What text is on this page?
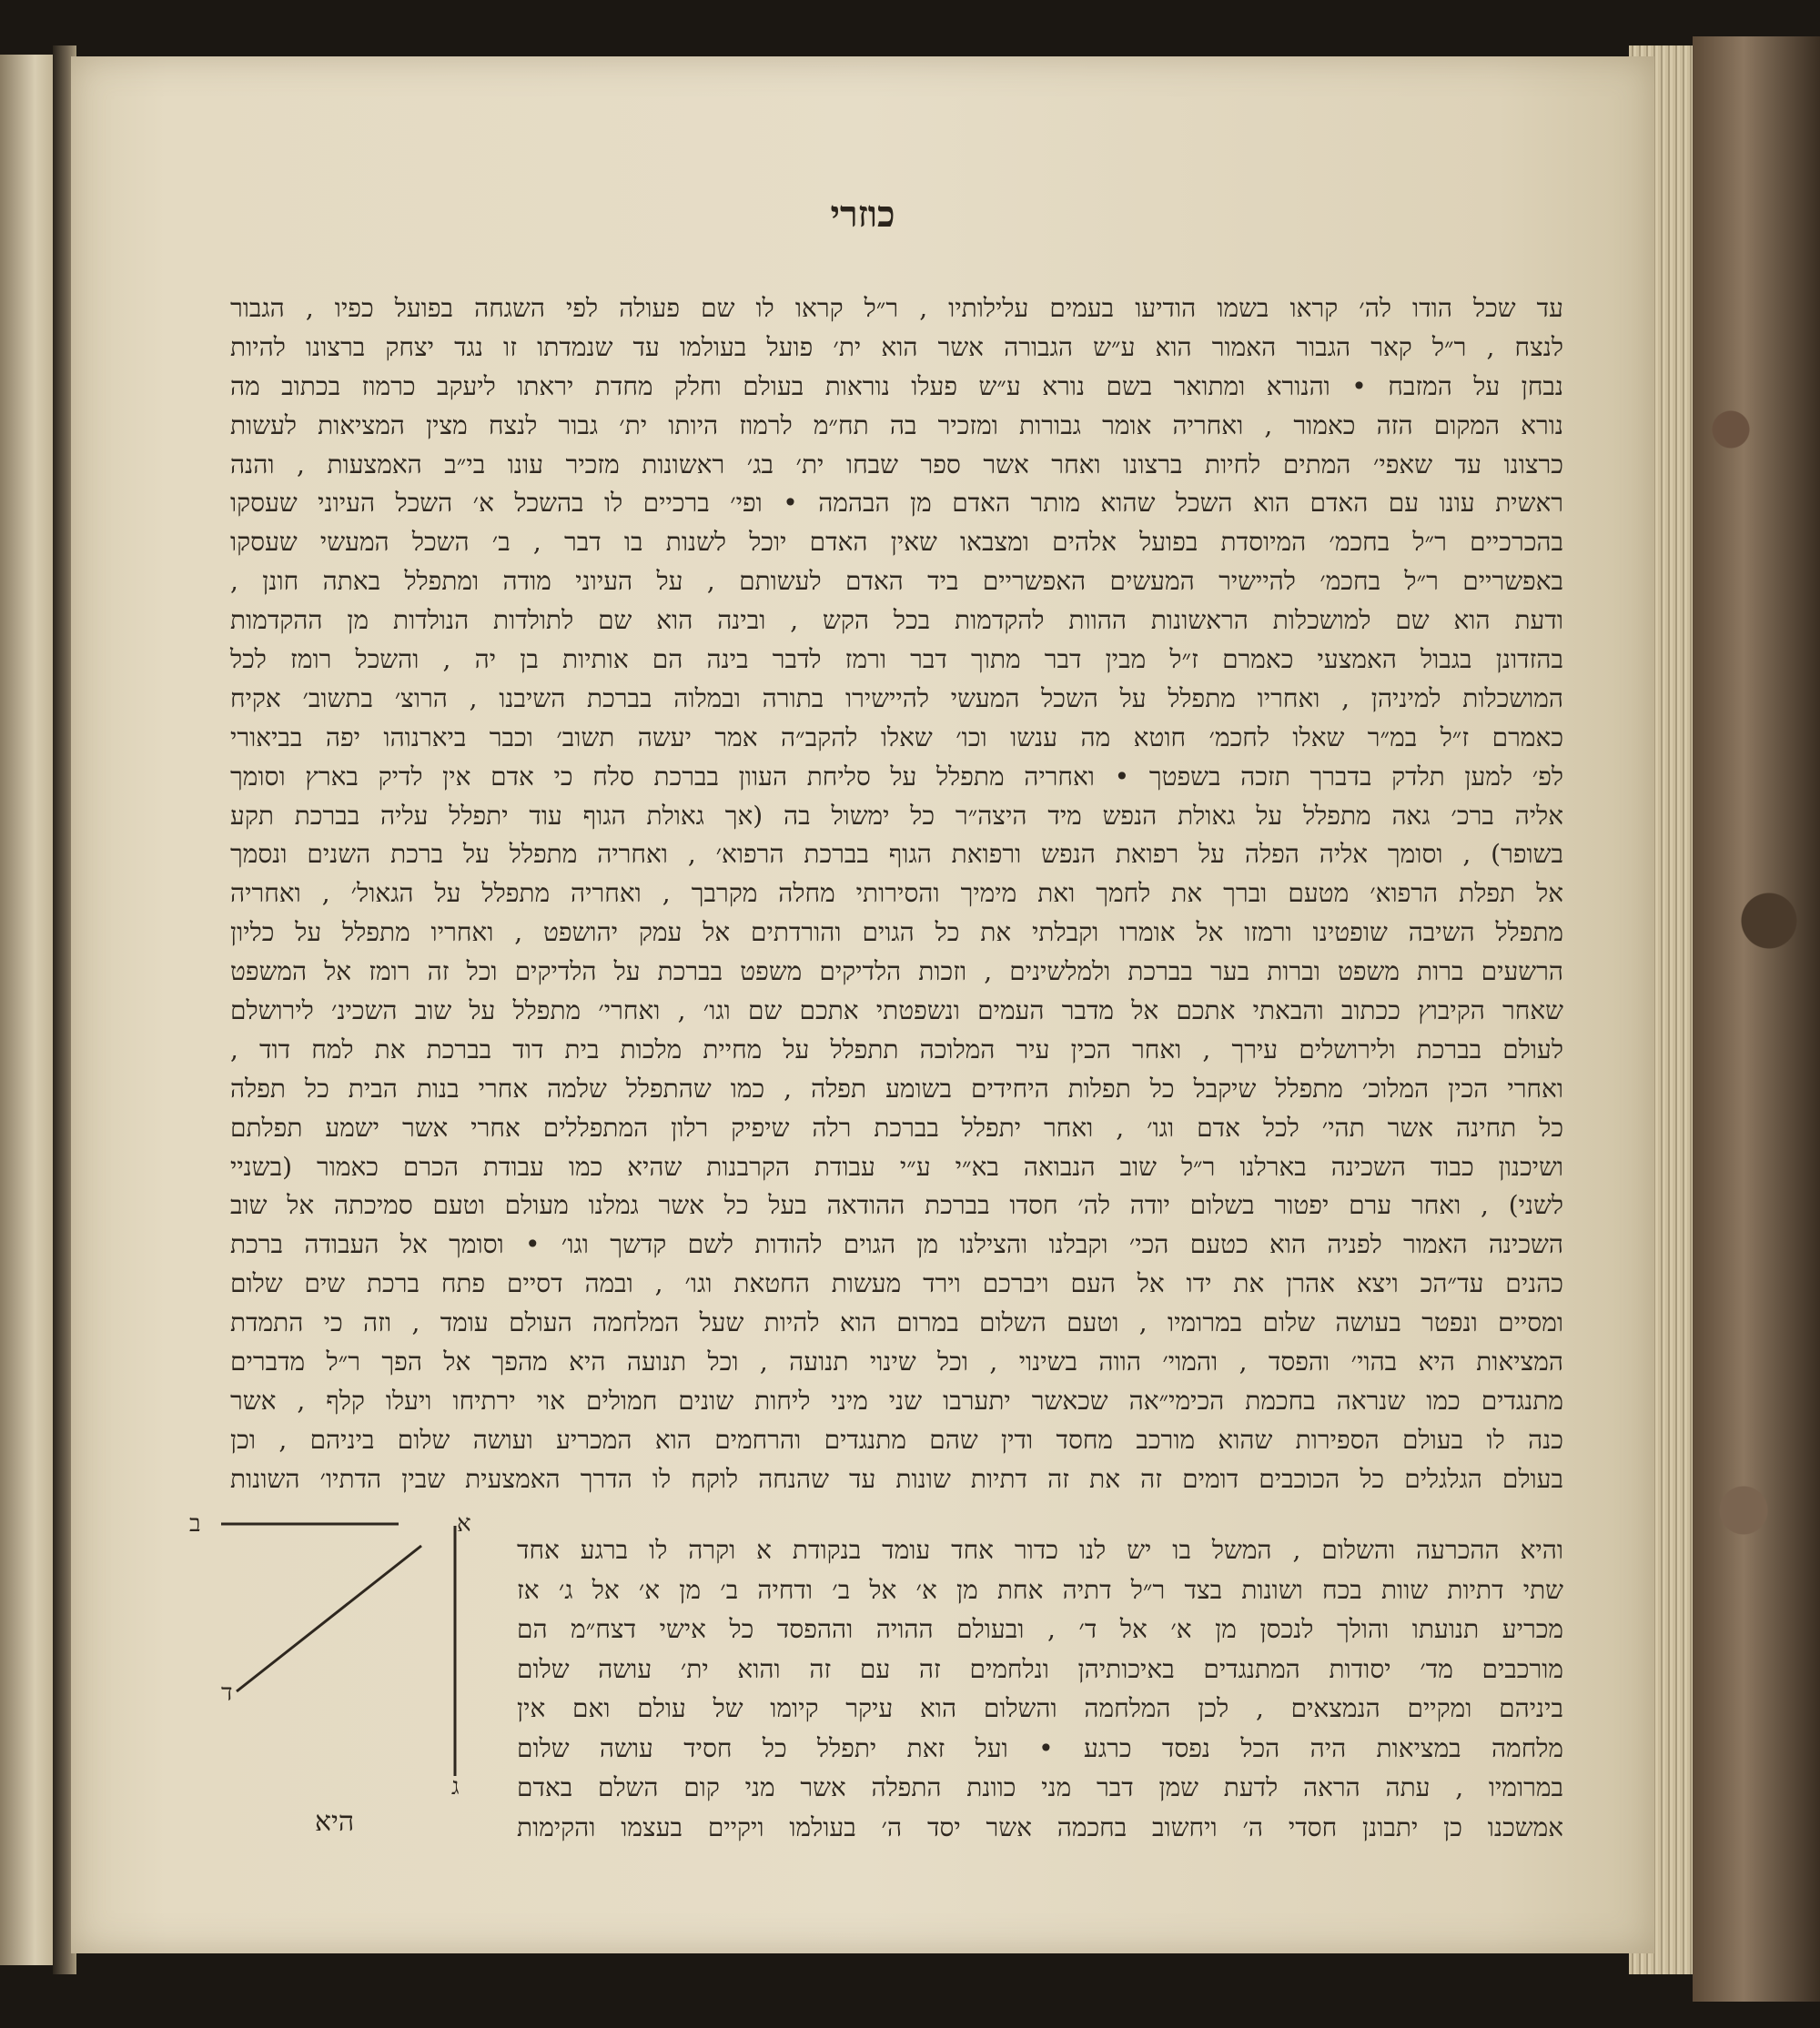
כוזרי
עד שכל הודו לה׳ קראו בשמו הודיעו בעמים עלילותיו , ר״ל קראו לו שם פעולה לפי השגחה בפועל כפיו , הגבור
לנצח , ר״ל קאר הגבור האמור הוא ע״ש הגבורה אשר הוא ית׳ פועל בעולמו עד שנמדתו זו נגד יצחק ברצונו להיות
נבחן על המזבח • והנורא ומתואר בשם נורא ע״ש פעלו נוראות בעולם וחלק מחדת יראתו ליעקב כרמוז בכתוב מה
נורא המקום הזה כאמור , ואחריה אומר גבורות ומזכיר בה תח״מ לרמוז היותו ית׳ גבור לנצח מצין המציאות לעשות
כרצונו עד שאפי׳ המתים לחיות ברצונו ואחר אשר ספר שבחו ית׳ בג׳ ראשונות מזכיר עונו בי״ב האמצעות , והנה
ראשית עונו עם האדם הוא השכל שהוא מותר האדם מן הבהמה • ופי׳ ברכיים לו בהשכל א׳ השכל העיוני שעסקו
בהכרכיים ר״ל בחכמ׳ המיוסדת בפועל אלהים ומצבאו שאין האדם יוכל לשנות בו דבר , ב׳ השכל המעשי שעסקו
באפשריים ר״ל בחכמ׳ להיישיר המעשים האפשריים ביד האדם לעשותם , על העיוני מודה ומתפלל באתה חונן ,
ודעת הוא שם למושכלות הראשונות ההוות להקדמות בכל הקש , ובינה הוא שם לתולדות הנולדות מן ההקדמות
בהזדונן בגבול האמצעי כאמרם ז״ל מבין דבר מתוך דבר ורמז לדבר בינה הם אותיות בן יה , והשכל רומז לכל
המושכלות למיניהן , ואחריו מתפלל על השכל המעשי להיישירו בתורה ובמלוה בברכת השיבנו , הרוצ׳ בתשוב׳ אקיח
כאמרם ז״ל במ״ר שאלו לחכמ׳ חוטא מה ענשו וכו׳ שאלו להקב״ה אמר יעשה תשוב׳ וכבר ביארנוהו יפה בביאורי
לפ׳ למען תלדק בדברך תזכה בשפטך • ואחריה מתפלל על סליחת העוון בברכת סלח כי אדם אין לדיק בארץ וסומך
אליה ברכ׳ גאה מתפלל על גאולת הנפש מיד היצה״ר כל ימשול בה (אך גאולת הגוף עוד יתפלל עליה בברכת תקע
בשופר) , וסומך אליה הפלה על רפואת הנפש ורפואת הגוף בברכת הרפוא׳ , ואחריה מתפלל על ברכת השנים ונסמך
אל תפלת הרפוא׳ מטעם וברך את לחמך ואת מימיך והסירותי מחלה מקרבך , ואחריה מתפלל על הגאול׳ , ואחריה
מתפלל השיבה שופטינו ורמזו אל אומרו וקבלתי את כל הגוים והורדתים אל עמק יהושפט , ואחריו מתפלל על כליון
הרשעים ברות משפט וברות בער בברכת ולמלשינים , וזכות הלדיקים משפט בברכת על הלדיקים וכל זה רומז אל המשפט
שאחר הקיבוץ ככתוב והבאתי אתכם אל מדבר העמים ונשפטתי אתכם שם וגו׳ , ואחרי׳ מתפלל על שוב השכינ׳ לירושלם
לעולם בברכת ולירושלים עירך , ואחר הכין עיר המלוכה תתפלל על מחיית מלכות בית דוד בברכת את למח דוד ,
ואחרי הכין המלוכ׳ מתפלל שיקבל כל תפלות היחידים בשומע תפלה , כמו שהתפלל שלמה אחרי בנות הבית כל תפלה
כל תחינה אשר תהי׳ לכל אדם וגו׳ , ואחר יתפלל בברכת רלה שיפיק רלון המתפללים אחרי אשר ישמע תפלתם
ושיכנון כבוד השכינה בארלנו ר״ל שוב הנבואה בא״י ע״י עבודת הקרבנות שהיא כמו עבודת הכרם כאמור (בשניי
לשני) , ואחר ערם יפטור בשלום יודה לה׳ חסדו בברכת ההודאה בעל כל אשר גמלנו מעולם וטעם סמיכתה אל שוב
השכינה האמור לפניה הוא כטעם הכי׳ וקבלנו והצילנו מן הגוים להודות לשם קדשך וגו׳ • וסומך אל העבודה ברכת
כהנים עד״הכ ויצא אהרן את ידו אל העם ויברכם וירד מעשות החטאת וגו׳ , ובמה דסיים פתח ברכת שים שלום
ומסיים ונפטר בעושה שלום במרומיו , וטעם השלום במרום הוא להיות שעל המלחמה העולם עומד , וזה כי התמדת
המציאות היא בהוי׳ והפסד , והמוי׳ הווה בשינוי , וכל שינוי תנועה , וכל תנועה היא מהפך אל הפך ר״ל מדברים
מתנגדים כמו שנראה בחכמת הכימי״אה שכאשר יתערבו שני מיני ליחות שונים חמולים אוי ירתיחו ויעלו קלף , אשר
כנה לו בעולם הספירות שהוא מורכב מחסד ודין שהם מתנגדים והרחמים הוא המכריע ועושה שלום ביניהם , וכן
בעולם הגלגלים כל הכוכבים דומים זה את זה דתיות שונות עד שהנחה לוקח לו הדרך האמצעית שבין הדתיו׳ השונות
והיא ההכרעה והשלום , המשל בו יש לנו כדור אחד עומד בנקודת א וקרה לו ברגע אחד
שתי דתיות שוות בכח ושונות בצד ר״ל דתיה אחת מן א׳ אל ב׳ ודחיה ב׳ מן א׳ אל ג׳ אז
מכריע תנועתו והולך לנכסן מן א׳ אל ד׳ , ובעולם ההויה וההפסד כל אישי דצח״מ הם
מורכבים מד׳ יסודות המתנגדים באיכותיהן ונלחמים זה עם זה והוא ית׳ עושה שלום
ביניהם ומקיים הנמצאים , לכן המלחמה והשלום הוא עיקר קיומו של עולם ואם אין
מלחמה במציאות היה הכל נפסד כרגע • ועל זאת יתפלל כל חסיד עושה שלום
במרומיו , עתה הראה לדעת שמן דבר מני כוונת התפלה אשר מני קום השלם באדם
אמשכנו כן יתבונן חסדי ה׳ ויחשוב בחכמה אשר יסד ה׳ בעולמו ויקיים בעצמו והקימות
א
ב
ג
ד
היא
